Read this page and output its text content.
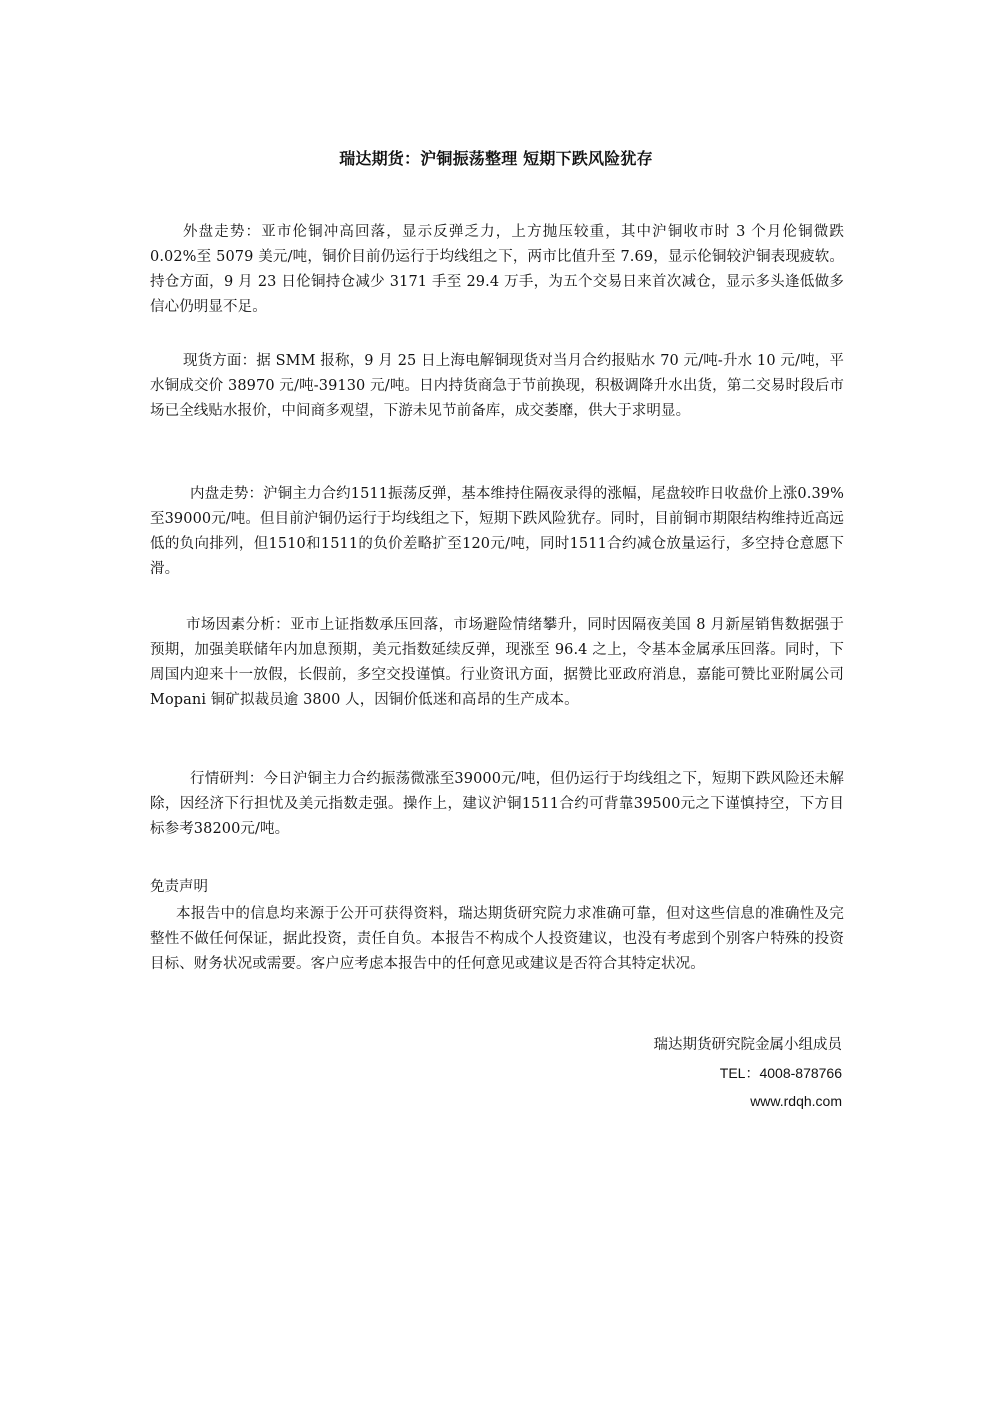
瑞达期货：沪铜振荡整理 短期下跌风险犹存

外盘走势：亚市伦铜冲高回落，显示反弹乏力，上方抛压较重，其中沪铜收市时 3 个月伦铜微跌 0.02%至 5079 美元/吨，铜价目前仍运行于均线组之下，两市比值升至 7.69，显示伦铜较沪铜表现疲软。持仓方面，9 月 23 日伦铜持仓减少 3171 手至 29.4 万手，为五个交易日来首次减仓，显示多头逢低做多信心仍明显不足。

现货方面：据 SMM 报称，9 月 25 日上海电解铜现货对当月合约报贴水 70 元/吨-升水 10 元/吨，平水铜成交价 38970 元/吨-39130 元/吨。日内持货商急于节前换现，积极调降升水出货，第二交易时段后市场已全线贴水报价，中间商多观望，下游未见节前备库，成交萎靡，供大于求明显。

内盘走势：沪铜主力合约1511振荡反弹，基本维持住隔夜录得的涨幅，尾盘较昨日收盘价上涨0.39%至39000元/吨。但目前沪铜仍运行于均线组之下，短期下跌风险犹存。同时，目前铜市期限结构维持近高远低的负向排列，但1510和1511的负价差略扩至120元/吨，同时1511合约减仓放量运行，多空持仓意愿下滑。

市场因素分析：亚市上证指数承压回落，市场避险情绪攀升，同时因隔夜美国 8 月新屋销售数据强于预期，加强美联储年内加息预期，美元指数延续反弹，现涨至 96.4 之上，令基本金属承压回落。同时，下周国内迎来十一放假，长假前，多空交投谨慎。行业资讯方面，据赞比亚政府消息，嘉能可赞比亚附属公司 Mopani 铜矿拟裁员逾 3800 人，因铜价低迷和高昂的生产成本。

行情研判：今日沪铜主力合约振荡微涨至39000元/吨，但仍运行于均线组之下，短期下跌风险还未解除，因经济下行担忧及美元指数走强。操作上，建议沪铜1511合约可背靠39500元之下谨慎持空，下方目标参考38200元/吨。

免责声明

本报告中的信息均来源于公开可获得资料，瑞达期货研究院力求准确可靠，但对这些信息的准确性及完整性不做任何保证，据此投资，责任自负。本报告不构成个人投资建议，也没有考虑到个别客户特殊的投资目标、财务状况或需要。客户应考虑本报告中的任何意见或建议是否符合其特定状况。

瑞达期货研究院金属小组成员
TEL：4008-878766
www.rdqh.com
